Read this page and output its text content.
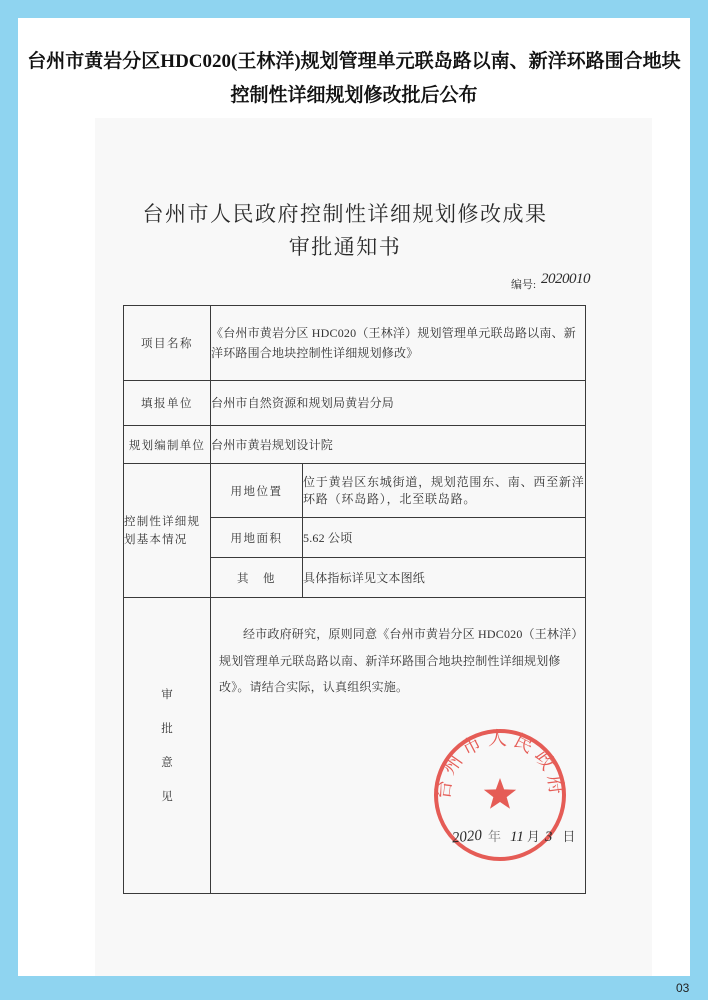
台州市黄岩分区HDC020(王林洋)规划管理单元联岛路以南、新洋环路围合地块
控制性详细规划修改批后公布
台州市人民政府控制性详细规划修改成果
审批通知书
编号: 2020010
项目名称	《台州市黄岩分区 HDC020（王林洋）规划管理单元联岛路以南、新洋环路围合地块控制性详细规划修改》	
填报单位	台州市自然资源和规划局黄岩分局	
规划编制单位	台州市黄岩规划设计院	
控制性详细规划基本情况	用地位置	位于黄岩区东城街道，规划范围东、南、西至新洋环路（环岛路），北至联岛路。
	用地面积	5.62 公顷
	其　他	具体指标详见文本图纸

审批意见	经市政府研究，原则同意《台州市黄岩分区 HDC020（王林洋）规划管理单元联岛路以南、新洋环路围合地块控制性详细规划修改》。请结合实际，认真组织实施。	
台州市人民政府
2020 年 11 月 3 日
03
